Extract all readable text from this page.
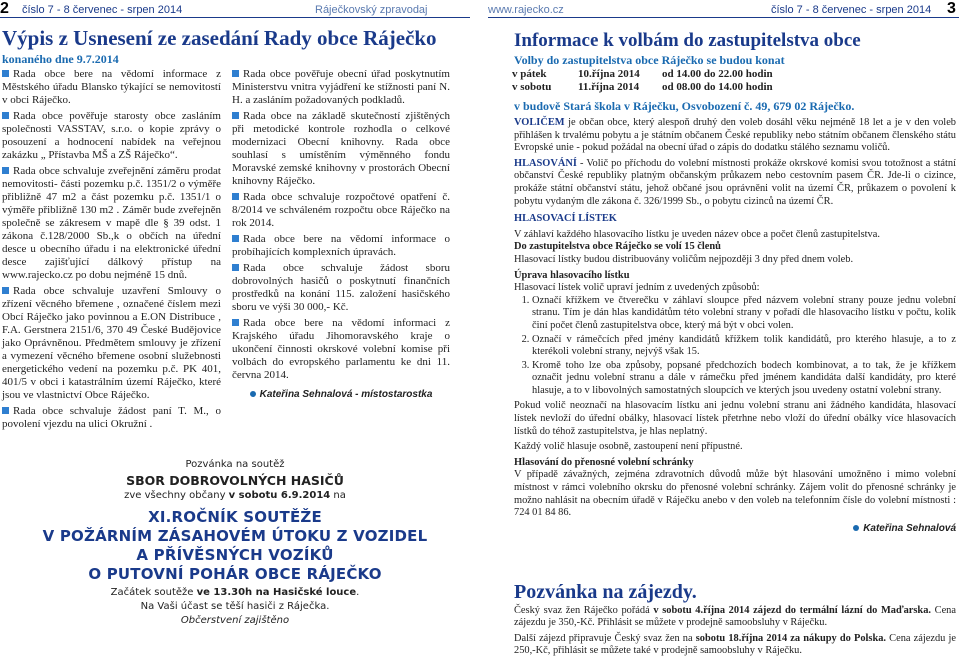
2 číslo 7 - 8 červenec - srpen 2014	Ráječkovský zpravodaj	www.rajecko.cz	číslo 7 - 8 červenec - srpen 2014 3
Výpis z Usnesení ze zasedání Rady obce Ráječko
konaného dne 9.7.2014

Rada obce bere na vědomí informace z Městského úřadu Blansko týkající se nemovitostí v obci Ráječko.

Rada obce pověřuje starosty obce zasláním společnosti VASSTAV, s.r.o. o kopie zprávy o posouzení a hodnocení nabídek na veřejnou zakázku „ Přístavba MŠ a ZŠ Ráječko“.

Rada obce schvaluje zveřejnění záměru prodat nemovitosti- části pozemku p.č. 1351/2 o výměře přibližně 47 m2 a část pozemku p.č. 1351/1 o výměře přibližně 130 m2 . Záměr bude zveřejněn společně se zákresem v mapě dle § 39 odst. 1 zákona č.128/2000 Sb.,k o občích na úřední desce u obecního úřadu i na elektronické úřední desce zajišťující dálkový přístup na www.rajecko.cz po dobu nejméně 15 dnů.

Rada obce schvaluje uzavření Smlouvy o zřízení věcného břemene , označené číslem mezi Obcí Ráječko jako povinnou a E.ON Distribuce , F.A. Gerstnera 2151/6, 370 49 České Budějovice jako Oprávněnou. Předmětem smlouvy je zřízení a vymezení věcného břemene osobní služebnosti energetického vedení na pozemku p.č. PK 401, 401/5 v obci i katastrálním území Ráječko, které jsou ve vlastnictví Obce Ráječko.

Rada obce schvaluje žádost paní T. M., o povolení vjezdu na ulici Okružní .

Rada obce pověřuje obecní úřad poskytnutím Ministerstvu vnitra vyjádření ke stížnosti paní N. H. a zasláním požadovaných podkladů.

Rada obce na základě skutečností zjištěných při metodické kontrole rozhodla o celkové modernizaci Obecní knihovny. Rada obce souhlasí s umístěním výměnného fondu Moravské zemské knihovny v prostorách Obecní knihovny Ráječko.

Rada obce schvaluje rozpočtové opatření č. 8/2014 ve schváleném rozpočtu obce Ráječko na rok 2014.

Rada obce bere na vědomí informace o probíhajících komplexních úpravách.

Rada obce schvaluje žádost sboru dobrovolných hasičů o poskytnutí finančních prostředků na konání 115. založení hasičského sboru ve výši 30 000,- Kč.

Rada obce bere na vědomí informaci z Krajského úřadu Jihomoravského kraje o ukončení činnosti okrskové volební komise při volbách do evropského parlamentu ke dni 11. června 2014.

Kateřina Sehnalová - místostarostka

Pozvánka na soutěž
SBOR DOBROVOLNÝCH HASIČŮ
zve všechny občany v sobotu 6.9.2014 na
XI.ROČNÍK SOUTĚŽE
V POŽÁRNÍM ZÁSAHOVÉM ÚTOKU Z VOZIDEL
A PŘÍVĚSNÝCH VOZÍKŮ
O PUTOVNÍ POHÁR OBCE RÁJEČKO
Začátek soutěže ve 13.30h na Hasičské louce.
Na Vaši účast se těší hasiči z Ráječka.
Občerstvení zajištěno
Informace k volbám do zastupitelstva obce
Volby do zastupitelstva obce Ráječko se budou konat
v pátek	10.října 2014	od 14.00 do 22.00 hodin
v sobotu	11.října 2014	od 08.00 do 14.00 hodin
v budově Stará škola v Ráječku, Osvobození č. 49, 679 02 Ráječko.

VOLIČEM je občan obce, který alespoň druhý den voleb dosáhl věku nejméně 18 let a je v den voleb přihlášen k trvalému pobytu a je státním občanem České republiky nebo státním občanem členského státu Evropské unie - pokud požádal na obecní úřad o zápis do dodatku stálého seznamu voličů.

HLASOVÁNÍ - Volič po příchodu do volební místnosti prokáže okrskové komisi svou totožnost a státní občanství České republiky platným občanským průkazem nebo cestovním pasem ČR. Jde-li o cizince, prokáže státní občanství státu, jehož občané jsou oprávněni volit na území ČR, průkazem o povolení k pobytu vydaným dle zákona č. 326/1999 Sb., o pobytu cizinců na území ČR.

HLASOVACÍ LÍSTEK

V záhlaví každého hlasovacího lístku je uveden název obce a počet členů zastupitelstva.

Do zastupitelstva obce Ráječko se volí 15 členů

Hlasovací lístky budou distribuovány voličům nejpozději 3 dny před dnem voleb.

Úprava hlasovacího lístku

Hlasovací lístek volič upraví jedním z uvedených způsobů:

1. Označí křížkem ve čtverečku v záhlaví sloupce před názvem volební strany pouze jednu volební stranu. Tím je dán hlas kandidátům této volební strany v pořadí dle hlasovacího lístku v počtu, kolik činí počet členů zastupitelstva obce, který má být v obci volen.
2. Označí v rámečcích před jmény kandidátů křížkem tolik kandidátů, pro kterého hlasuje, a to z kterékoli volební strany, nejvýš však 15.
3. Kromě toho lze oba způsoby, popsané předchozích bodech kombinovat, a to tak, že je křížkem označit jednu volební stranu a dále v rámečku před jménem kandidáta další kandidáty, pro které hlasuje, a to v libovolných samostatných sloupcích ve kterých jsou uvedeny ostatní volební strany.

Pokud volič neoznačí na hlasovacím lístku ani jednu volební stranu ani žádného kandidáta, hlasovací lístek nevloží do úřední obálky, hlasovací lístek přetrhne nebo vloží do úřední obálky více hlasovacích lístků do téhož zastupitelstva, je hlas neplatný.

Každý volič hlasuje osobně, zastoupení není přípustné.

Hlasování do přenosné volební schránky

V případě závažných, zejména zdravotních důvodů může být hlasování umožněno i mimo volební místnost v rámci volebního okrsku do přenosné volební schránky. Zájem volit do přenosné schránky je možno nahlásit na obecním úřadě v Ráječku anebo v den voleb na telefonním čísle do volební místnosti : 724 01 84 86.

Kateřina Sehnalová

Pozvánka na zájezdy.

Český svaz žen Ráječko pořádá v sobotu 4.října 2014 zájezd do termální lázní do Maďarska. Cena zájezdu je 350,-Kč. Přihlásit se můžete v prodejně samoobsluhy v Ráječku.

Další zájezd připravuje Český svaz žen na sobotu 18.října 2014 za nákupy do Polska. Cena zájezdu je 250,-Kč, přihlásit se můžete také v prodejně samoobsluhy v Ráječku.
